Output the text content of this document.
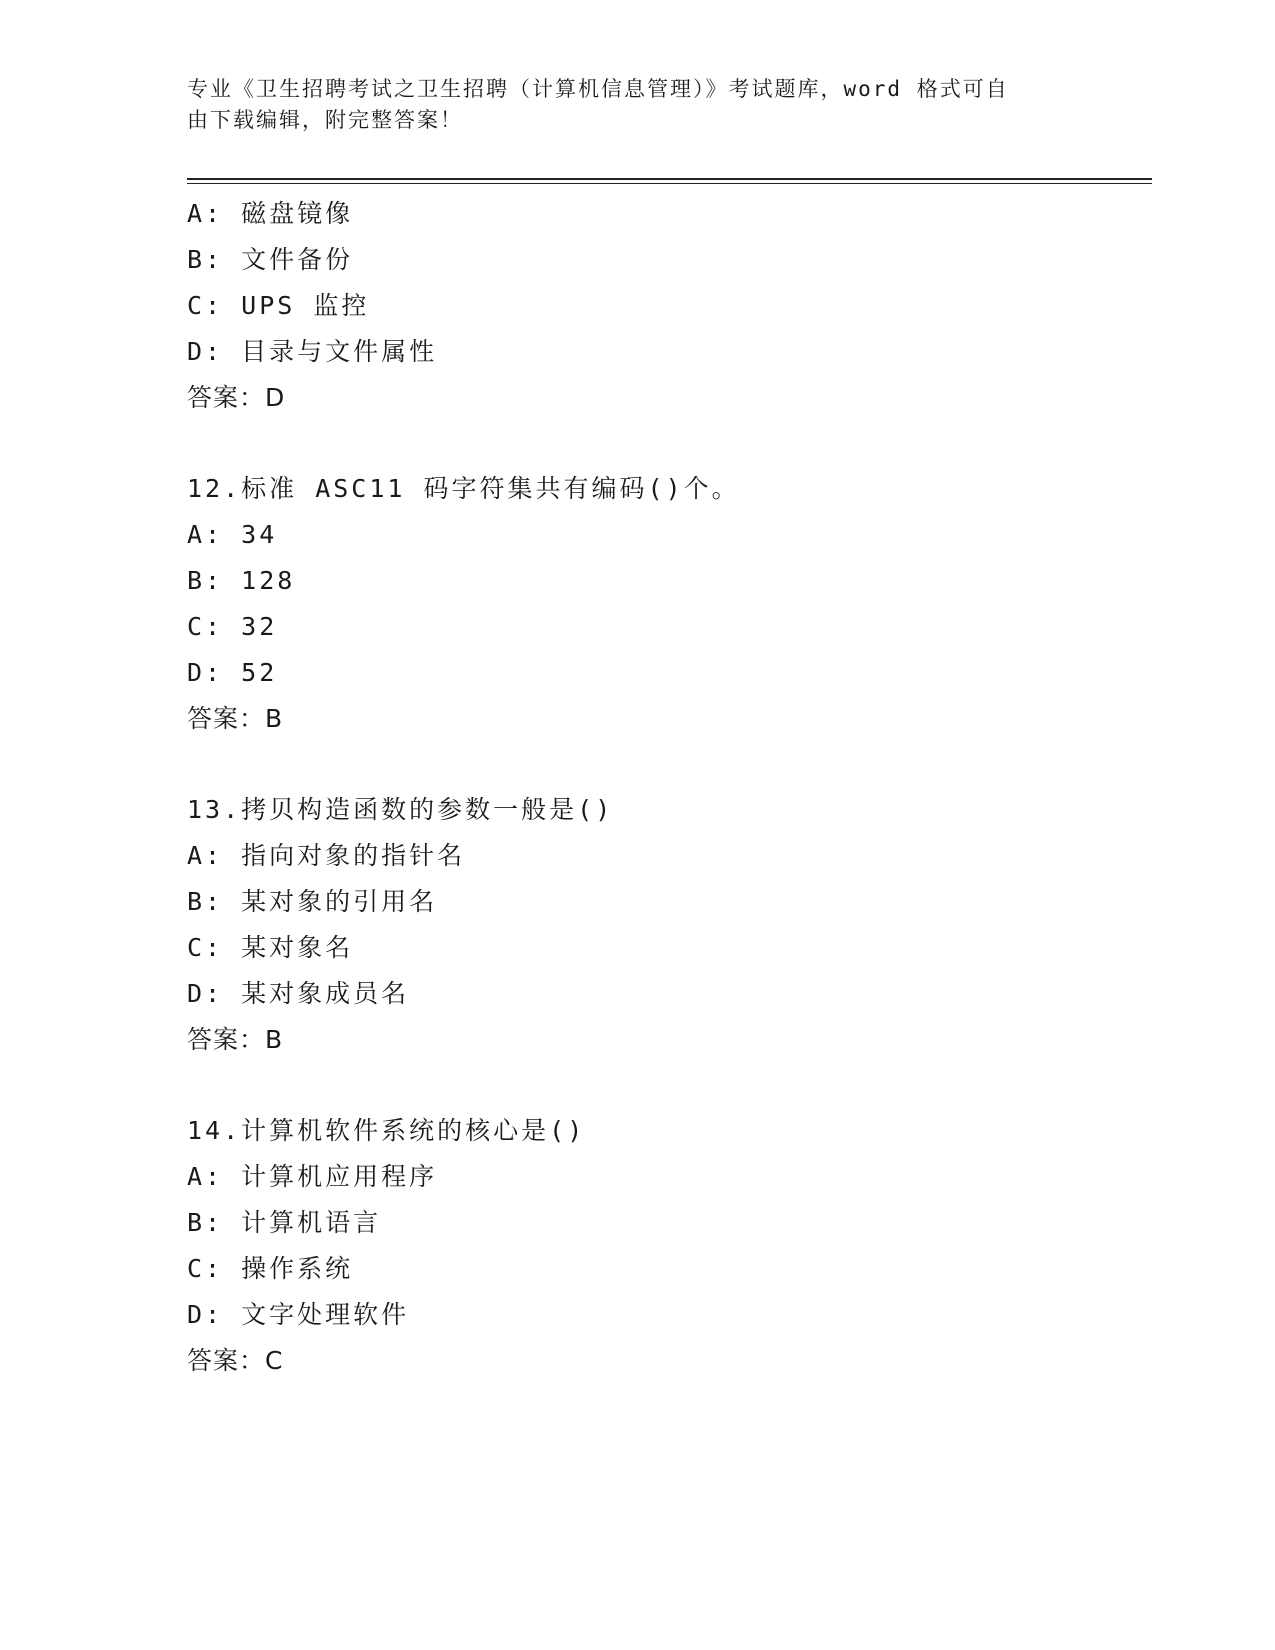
专业《卫生招聘考试之卫生招聘（计算机信息管理）》考试题库，word 格式可自
由下载编辑，附完整答案！
A: 磁盘镜像
B: 文件备份
C: UPS 监控
D: 目录与文件属性
答案：D
12.标准 ASC11 码字符集共有编码()个。
A: 34
B: 128
C: 32
D: 52
答案：B
13.拷贝构造函数的参数一般是()
A: 指向对象的指针名
B: 某对象的引用名
C: 某对象名
D: 某对象成员名
答案：B
14.计算机软件系统的核心是()
A: 计算机应用程序
B: 计算机语言
C: 操作系统
D: 文字处理软件
答案：C
